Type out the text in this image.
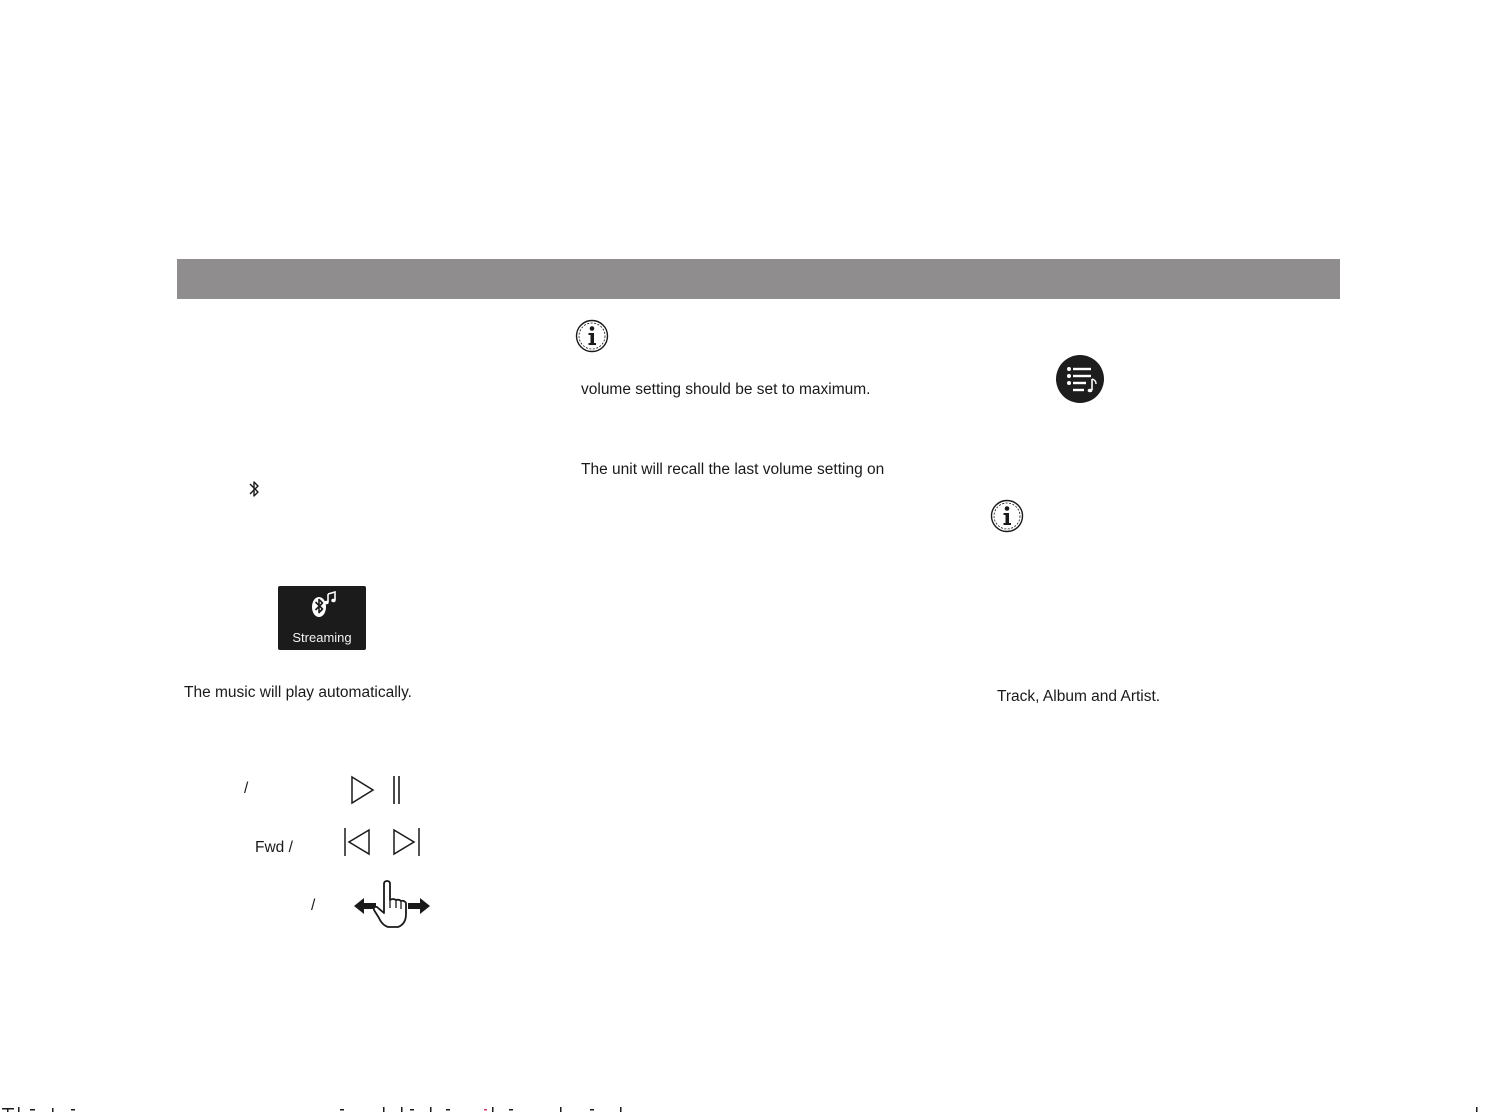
Streaming
The music will play automatically.
/
Fwd /
/
volume setting should be set to maximum.
The unit will recall the last volume setting on
Track, Album and Artist.
